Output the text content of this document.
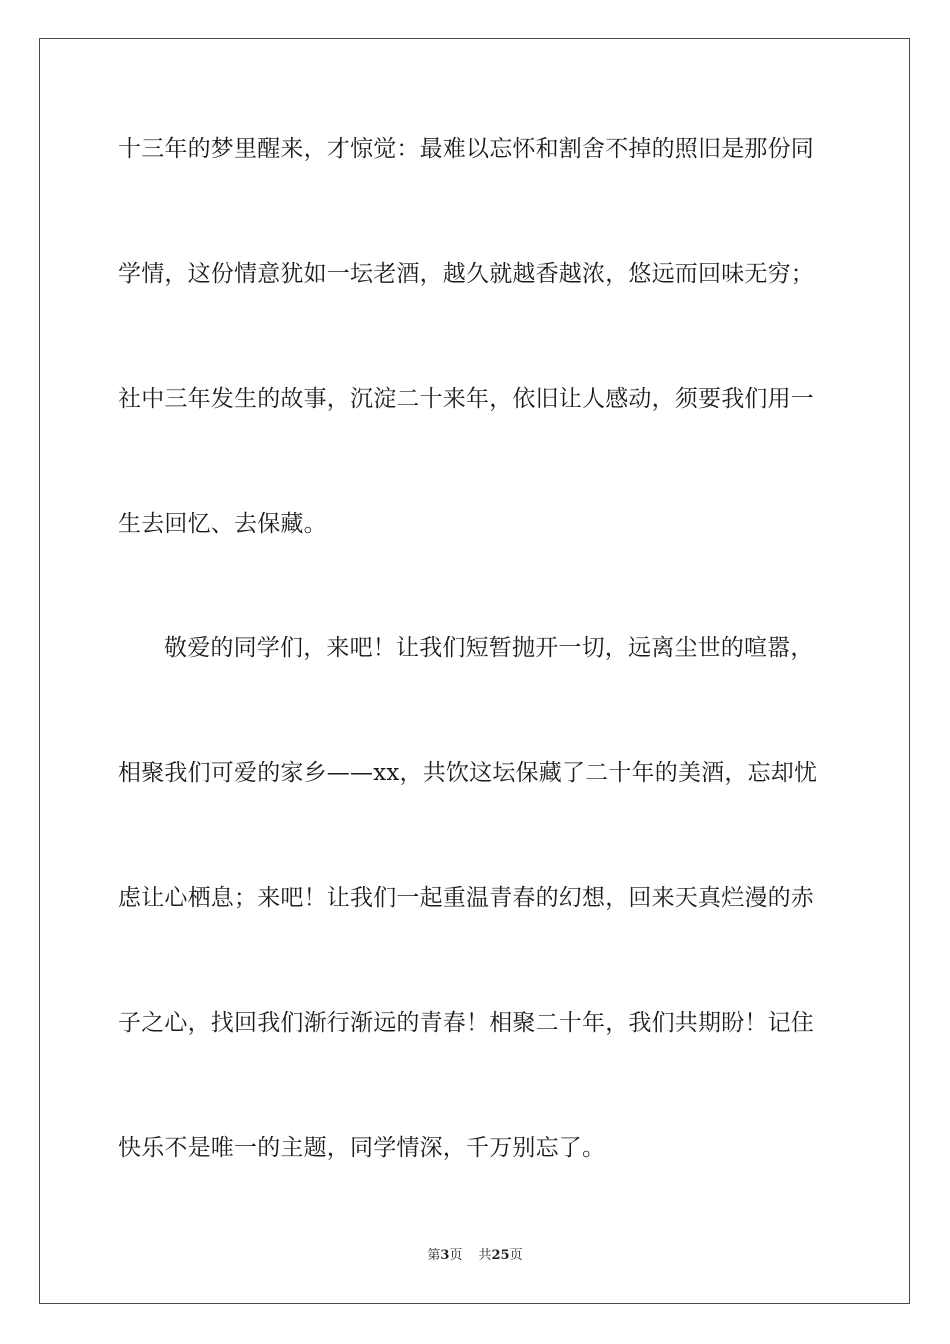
十三年的梦里醒来，才惊觉：最难以忘怀和割舍不掉的照旧是那份同
学情，这份情意犹如一坛老酒，越久就越香越浓，悠远而回味无穷；
社中三年发生的故事，沉淀二十来年，依旧让人感动，须要我们用一
生去回忆、去保藏。
敬爱的同学们，来吧！让我们短暂抛开一切，远离尘世的喧嚣，
相聚我们可爱的家乡——xx，共饮这坛保藏了二十年的美酒，忘却忧
虑让心栖息；来吧！让我们一起重温青春的幻想，回来天真烂漫的赤
子之心，找回我们渐行渐远的青春！相聚二十年，我们共期盼！记住
快乐不是唯一的主题，同学情深，千万别忘了。
第3页 共25页
